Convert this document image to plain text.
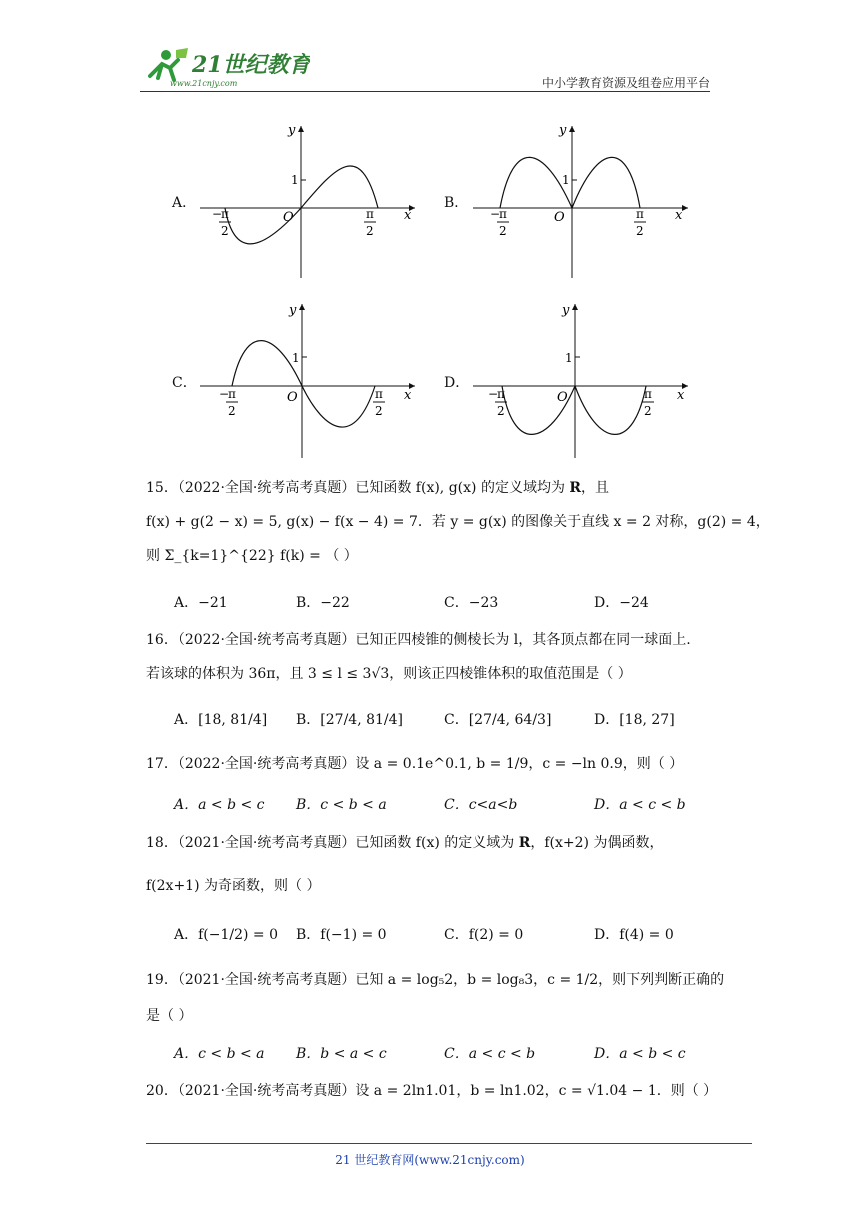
21世纪教育
www.21cnjy.com	中小学教育资源及组卷应用平台
A．
x
y
O
1
−
π
2
π
2
B．
x
y
O
1
−
π
2
π
2
C．
x
y
O
1
−
π
2
π
2
D．
x
y
O
1
−
π
2
π
2
15．（2022·全国·统考高考真题）已知函数 f(x), g(x) 的定义域均为 R，且
f(x) + g(2 − x) = 5, g(x) − f(x − 4) = 7．若 y = g(x) 的图像关于直线 x = 2 对称，g(2) = 4，
则 Σ_{k=1}^{22} f(k) = （ ）
A．−21	B．−22	C．−23	D．−24
16．（2022·全国·统考高考真题）已知正四棱锥的侧棱长为 l，其各顶点都在同一球面上.
若该球的体积为 36π，且 3 ≤ l ≤ 3√3，则该正四棱锥体积的取值范围是（ ）
A．[18, 81/4] B．[27/4, 81/4]	C．[27/4, 64/3]	D．[18, 27]
17．（2022·全国·统考高考真题）设 a = 0.1e^0.1, b = 1/9，c = −ln 0.9，则（ ）
A．a < b < c B．c < b < a	C．c<a<b	D．a < c < b
18．（2021·全国·统考高考真题）已知函数 f(x) 的定义域为 R，f(x+2) 为偶函数，
f(2x+1) 为奇函数，则（ ）
A．f(−1/2) = 0 B．f(−1) = 0	C．f(2) = 0	D．f(4) = 0
19．（2021·全国·统考高考真题）已知 a = log₅2，b = log₈3，c = 1/2，则下列判断正确的
是（ ）
A．c < b < a B．b < a < c	C．a < c < b	D．a < b < c
20．（2021·全国·统考高考真题）设 a = 2ln1.01，b = ln1.02，c = √1.04 − 1．则（ ）
21 世纪教育网(www.21cnjy.com)
